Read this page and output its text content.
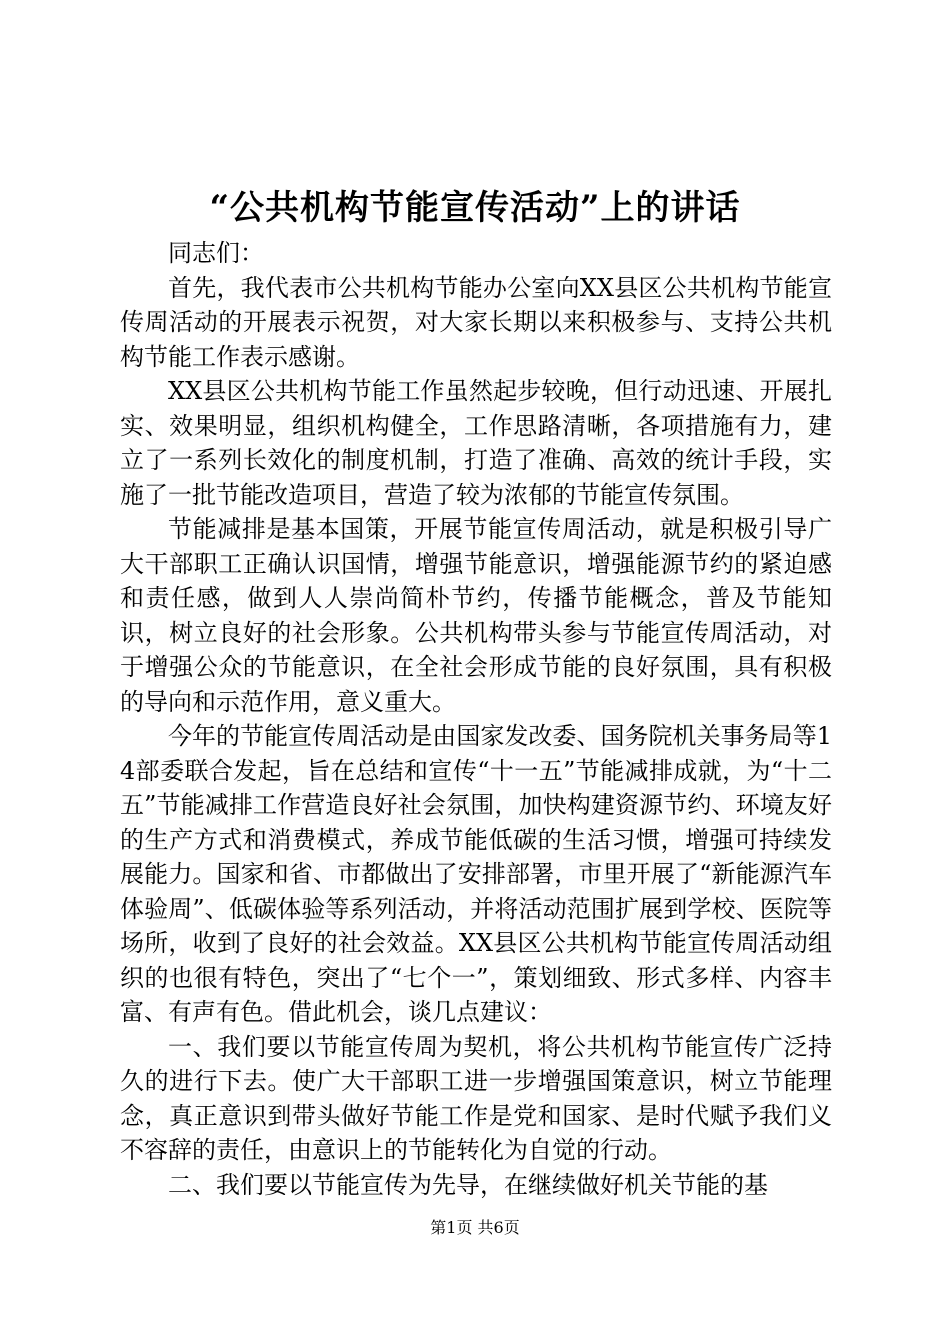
“公共机构节能宣传活动”上的讲话

同志们：

首先，我代表市公共机构节能办公室向XX县区公共机构节能宣传周活动的开展表示祝贺，对大家长期以来积极参与、支持公共机构节能工作表示感谢。

XX县区公共机构节能工作虽然起步较晚，但行动迅速、开展扎实、效果明显，组织机构健全，工作思路清晰，各项措施有力，建立了一系列长效化的制度机制，打造了准确、高效的统计手段，实施了一批节能改造项目，营造了较为浓郁的节能宣传氛围。

节能减排是基本国策，开展节能宣传周活动，就是积极引导广大干部职工正确认识国情，增强节能意识，增强能源节约的紧迫感和责任感，做到人人崇尚简朴节约，传播节能概念，普及节能知识，树立良好的社会形象。公共机构带头参与节能宣传周活动，对于增强公众的节能意识，在全社会形成节能的良好氛围，具有积极的导向和示范作用，意义重大。

今年的节能宣传周活动是由国家发改委、国务院机关事务局等14部委联合发起，旨在总结和宣传“十一五”节能减排成就，为“十二五”节能减排工作营造良好社会氛围，加快构建资源节约、环境友好的生产方式和消费模式，养成节能低碳的生活习惯，增强可持续发展能力。国家和省、市都做出了安排部署，市里开展了“新能源汽车体验周”、低碳体验等系列活动，并将活动范围扩展到学校、医院等场所，收到了良好的社会效益。XX县区公共机构节能宣传周活动组织的也很有特色，突出了“七个一”，策划细致、形式多样、内容丰富、有声有色。借此机会，谈几点建议：

一、我们要以节能宣传周为契机，将公共机构节能宣传广泛持久的进行下去。使广大干部职工进一步增强国策意识，树立节能理念，真正意识到带头做好节能工作是党和国家、是时代赋予我们义不容辞的责任，由意识上的节能转化为自觉的行动。

二、我们要以节能宣传为先导，在继续做好机关节能的基

第1页 共6页
